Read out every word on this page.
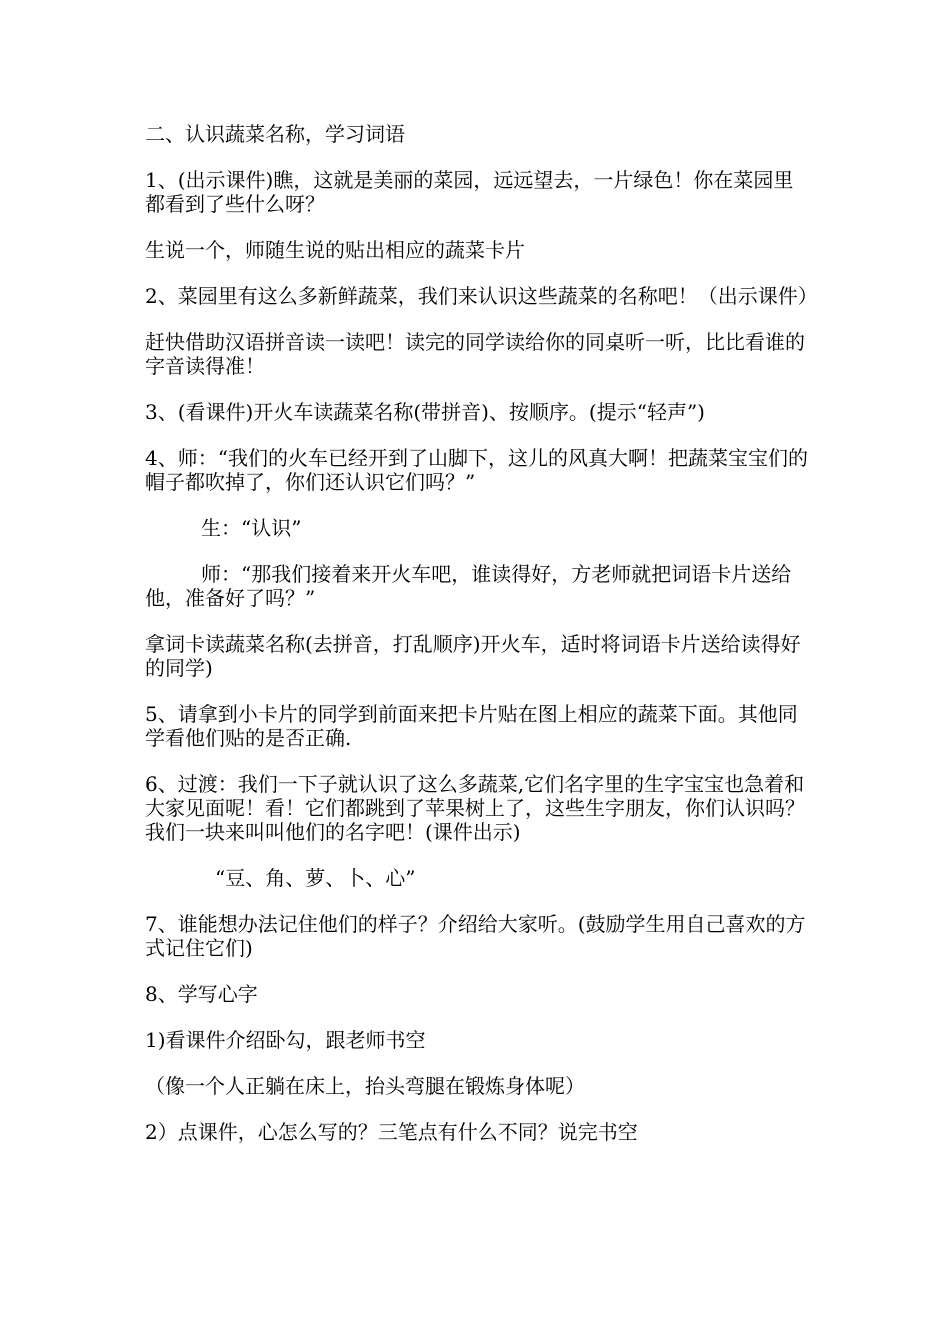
二、认识蔬菜名称，学习词语

1、(出示课件)瞧，这就是美丽的菜园，远远望去，一片绿色！你在菜园里都看到了些什么呀？

生说一个，师随生说的贴出相应的蔬菜卡片

2、菜园里有这么多新鲜蔬菜，我们来认识这些蔬菜的名称吧！（出示课件）

赶快借助汉语拼音读一读吧！读完的同学读给你的同桌听一听，比比看谁的字音读得准！

3、(看课件)开火车读蔬菜名称(带拼音)、按顺序。(提示“轻声”)

4、师：“我们的火车已经开到了山脚下，这儿的风真大啊！把蔬菜宝宝们的帽子都吹掉了，你们还认识它们吗？”

生：“认识”

师：“那我们接着来开火车吧，谁读得好，方老师就把词语卡片送给他，准备好了吗？”

拿词卡读蔬菜名称(去拼音，打乱顺序)开火车，适时将词语卡片送给读得好的同学)

5、请拿到小卡片的同学到前面来把卡片贴在图上相应的蔬菜下面。其他同学看他们贴的是否正确.

6、过渡：我们一下子就认识了这么多蔬菜,它们名字里的生字宝宝也急着和大家见面呢！看！它们都跳到了苹果树上了，这些生字朋友，你们认识吗？我们一块来叫叫他们的名字吧！(课件出示)

“豆、角、萝、卜、心”

7、谁能想办法记住他们的样子？介绍给大家听。(鼓励学生用自己喜欢的方式记住它们)

8、学写心字

1)看课件介绍卧勾，跟老师书空

（像一个人正躺在床上，抬头弯腿在锻炼身体呢）

2）点课件，心怎么写的？三笔点有什么不同？说完书空
